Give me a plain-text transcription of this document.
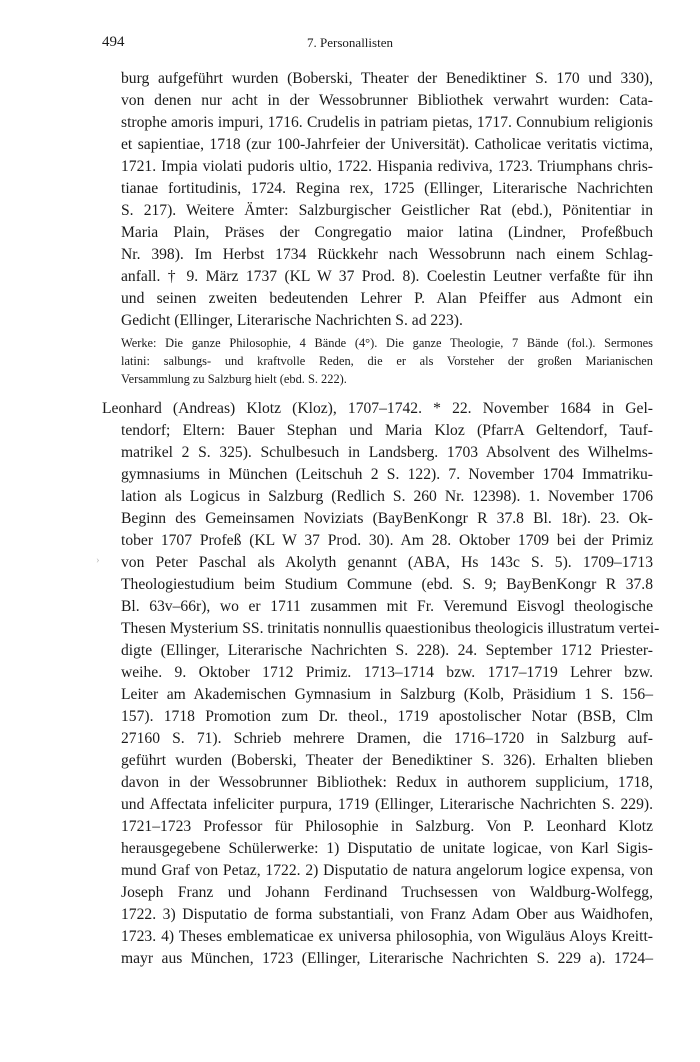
494	7. Personallisten
burg aufgeführt wurden (Boberski, Theater der Benediktiner S. 170 und 330),
von denen nur acht in der Wessobrunner Bibliothek verwahrt wurden: Cata-
strophe amoris impuri, 1716. Crudelis in patriam pietas, 1717. Connubium religionis
et sapientiae, 1718 (zur 100-Jahrfeier der Universität). Catholicae veritatis victima,
1721. Impia violati pudoris ultio, 1722. Hispania rediviva, 1723. Triumphans chris-
tianae fortitudinis, 1724. Regina rex, 1725 (Ellinger, Literarische Nachrichten
S. 217). Weitere Ämter: Salzburgischer Geistlicher Rat (ebd.), Pönitentiar in
Maria Plain, Präses der Congregatio maior latina (Lindner, Profeßbuch
Nr. 398). Im Herbst 1734 Rückkehr nach Wessobrunn nach einem Schlag-
anfall. † 9. März 1737 (KL W 37 Prod. 8). Coelestin Leutner verfaßte für ihn
und seinen zweiten bedeutenden Lehrer P. Alan Pfeiffer aus Admont ein
Gedicht (Ellinger, Literarische Nachrichten S. ad 223).
Werke: Die ganze Philosophie, 4 Bände (4°). Die ganze Theologie, 7 Bände (fol.). Sermones
latini: salbungs- und kraftvolle Reden, die er als Vorsteher der großen Marianischen
Versammlung zu Salzburg hielt (ebd. S. 222).
Leonhard (Andreas) Klotz (Kloz), 1707–1742. * 22. November 1684 in Gel-
tendorf; Eltern: Bauer Stephan und Maria Kloz (PfarrA Geltendorf, Tauf-
matrikel 2 S. 325). Schulbesuch in Landsberg. 1703 Absolvent des Wilhelms-
gymnasiums in München (Leitschuh 2 S. 122). 7. November 1704 Immatriku-
lation als Logicus in Salzburg (Redlich S. 260 Nr. 12398). 1. November 1706
Beginn des Gemeinsamen Noviziats (BayBenKongr R 37.8 Bl. 18r). 23. Ok-
tober 1707 Profeß (KL W 37 Prod. 30). Am 28. Oktober 1709 bei der Primiz
von Peter Paschal als Akolyth genannt (ABA, Hs 143c S. 5). 1709–1713
›
Theologiestudium beim Studium Commune (ebd. S. 9; BayBenKongr R 37.8
Bl. 63v–66r), wo er 1711 zusammen mit Fr. Veremund Eisvogl theologische
Thesen Mysterium SS. trinitatis nonnullis quaestionibus theologicis illustratum vertei-
digte (Ellinger, Literarische Nachrichten S. 228). 24. September 1712 Priester-
weihe. 9. Oktober 1712 Primiz. 1713–1714 bzw. 1717–1719 Lehrer bzw.
Leiter am Akademischen Gymnasium in Salzburg (Kolb, Präsidium 1 S. 156–
157). 1718 Promotion zum Dr. theol., 1719 apostolischer Notar (BSB, Clm
27160 S. 71). Schrieb mehrere Dramen, die 1716–1720 in Salzburg auf-
geführt wurden (Boberski, Theater der Benediktiner S. 326). Erhalten blieben
davon in der Wessobrunner Bibliothek: Redux in authorem supplicium, 1718,
und Affectata infeliciter purpura, 1719 (Ellinger, Literarische Nachrichten S. 229).
1721–1723 Professor für Philosophie in Salzburg. Von P. Leonhard Klotz
herausgegebene Schülerwerke: 1) Disputatio de unitate logicae, von Karl Sigis-
mund Graf von Petaz, 1722. 2) Disputatio de natura angelorum logice expensa, von
Joseph Franz und Johann Ferdinand Truchsessen von Waldburg-Wolfegg,
1722. 3) Disputatio de forma substantiali, von Franz Adam Ober aus Waidhofen,
1723. 4) Theses emblematicae ex universa philosophia, von Wiguläus Aloys Kreitt-
mayr aus München, 1723 (Ellinger, Literarische Nachrichten S. 229 a). 1724–
